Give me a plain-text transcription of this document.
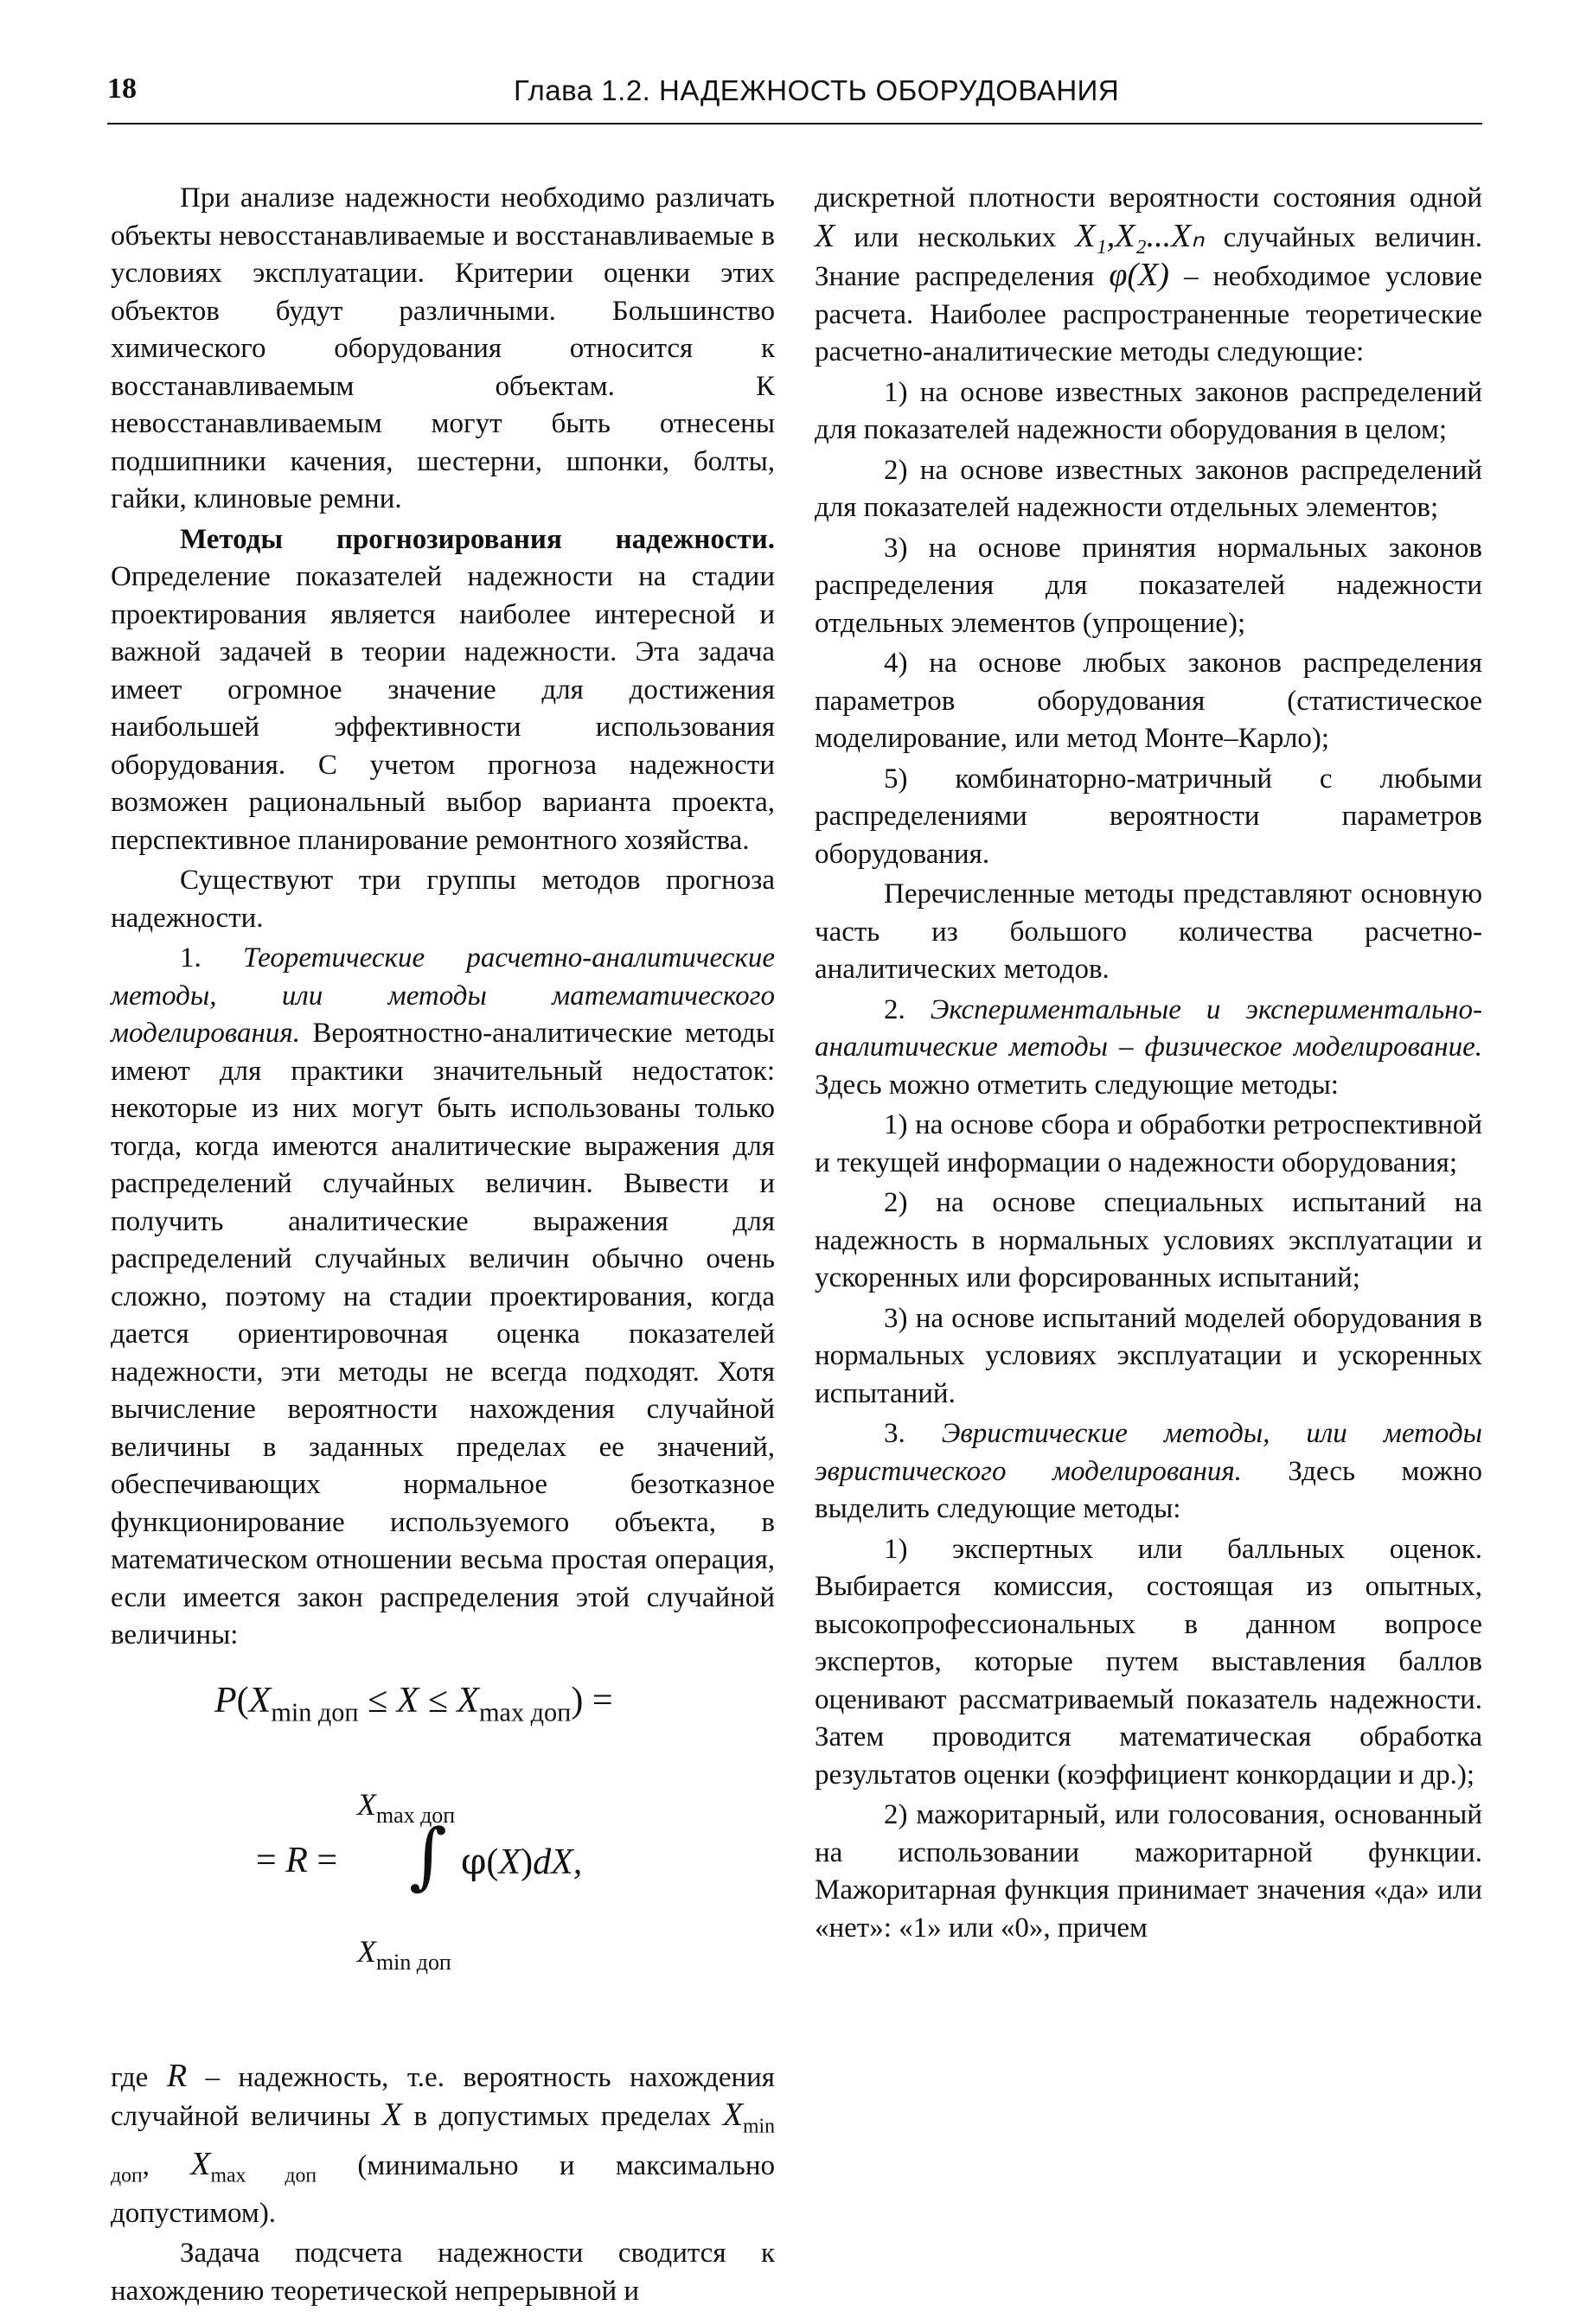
18	Глава 1.2. НАДЕЖНОСТЬ ОБОРУДОВАНИЯ

При анализе надежности необходимо различать объекты невосстанавливаемые и восстанавливаемые в условиях эксплуатации. Критерии оценки этих объектов будут различными. Большинство химического оборудования относится к восстанавливаемым объектам. К невосстанавливаемым могут быть отнесены подшипники качения, шестерни, шпонки, болты, гайки, клиновые ремни.

Методы прогнозирования надежности. Определение показателей надежности на стадии проектирования является наиболее интересной и важной задачей в теории надежности. Эта задача имеет огромное значение для достижения наибольшей эффективности использования оборудования. С учетом прогноза надежности возможен рациональный выбор варианта проекта, перспективное планирование ремонтного хозяйства.

Существуют три группы методов прогноза надежности.

1. Теоретические расчетно-аналитические методы, или методы математического моделирования. Вероятностно-аналитические методы имеют для практики значительный недостаток: некоторые из них могут быть использованы только тогда, когда имеются аналитические выражения для распределений случайных величин. Вывести и получить аналитические выражения для распределений случайных величин обычно очень сложно, поэтому на стадии проектирования, когда дается ориентировочная оценка показателей надежности, эти методы не всегда подходят. Хотя вычисление вероятности нахождения случайной величины в заданных пределах ее значений, обеспечивающих нормальное безотказное функционирование используемого объекта, в математическом отношении весьма простая операция, если имеется закон распределения этой случайной величины:

$P(X_{min доп} \le X \le X_{max доп})$ =
$X_{max доп}$
= R = ∫ φ(X)dX,
$X_{min доп}$

где R – надежность, т.е. вероятность нахождения случайной величины X в допустимых пределах $X_{min доп}$, $X_{max доп}$ (минимально и максимально допустимом).

Задача подсчета надежности сводится к нахождению теоретической непрерывной и

дискретной плотности вероятности состояния одной X или нескольких X₁,X₂...Xₙ случайных величин. Знание распределения φ(X) – необходимое условие расчета. Наиболее распространенные теоретические расчетно-аналитические методы следующие:

1) на основе известных законов распределений для показателей надежности оборудования в целом;

2) на основе известных законов распределений для показателей надежности отдельных элементов;

3) на основе принятия нормальных законов распределения для показателей надежности отдельных элементов (упрощение);

4) на основе любых законов распределения параметров оборудования (статистическое моделирование, или метод Монте–Карло);

5) комбинаторно-матричный с любыми распределениями вероятности параметров оборудования.

Перечисленные методы представляют основную часть из большого количества расчетно-аналитических методов.

2. Экспериментальные и экспериментально-аналитические методы – физическое моделирование. Здесь можно отметить следующие методы:

1) на основе сбора и обработки ретроспективной и текущей информации о надежности оборудования;

2) на основе специальных испытаний на надежность в нормальных условиях эксплуатации и ускоренных или форсированных испытаний;

3) на основе испытаний моделей оборудования в нормальных условиях эксплуатации и ускоренных испытаний.

3. Эвристические методы, или методы эвристического моделирования. Здесь можно выделить следующие методы:

1) экспертных или балльных оценок. Выбирается комиссия, состоящая из опытных, высокопрофессиональных в данном вопросе экспертов, которые путем выставления баллов оценивают рассматриваемый показатель надежности. Затем проводится математическая обработка результатов оценки (коэффициент конкордации и др.);

2) мажоритарный, или голосования, основанный на использовании мажоритарной функции. Мажоритарная функция принимает значения «да» или «нет»: «1» или «0», причем
